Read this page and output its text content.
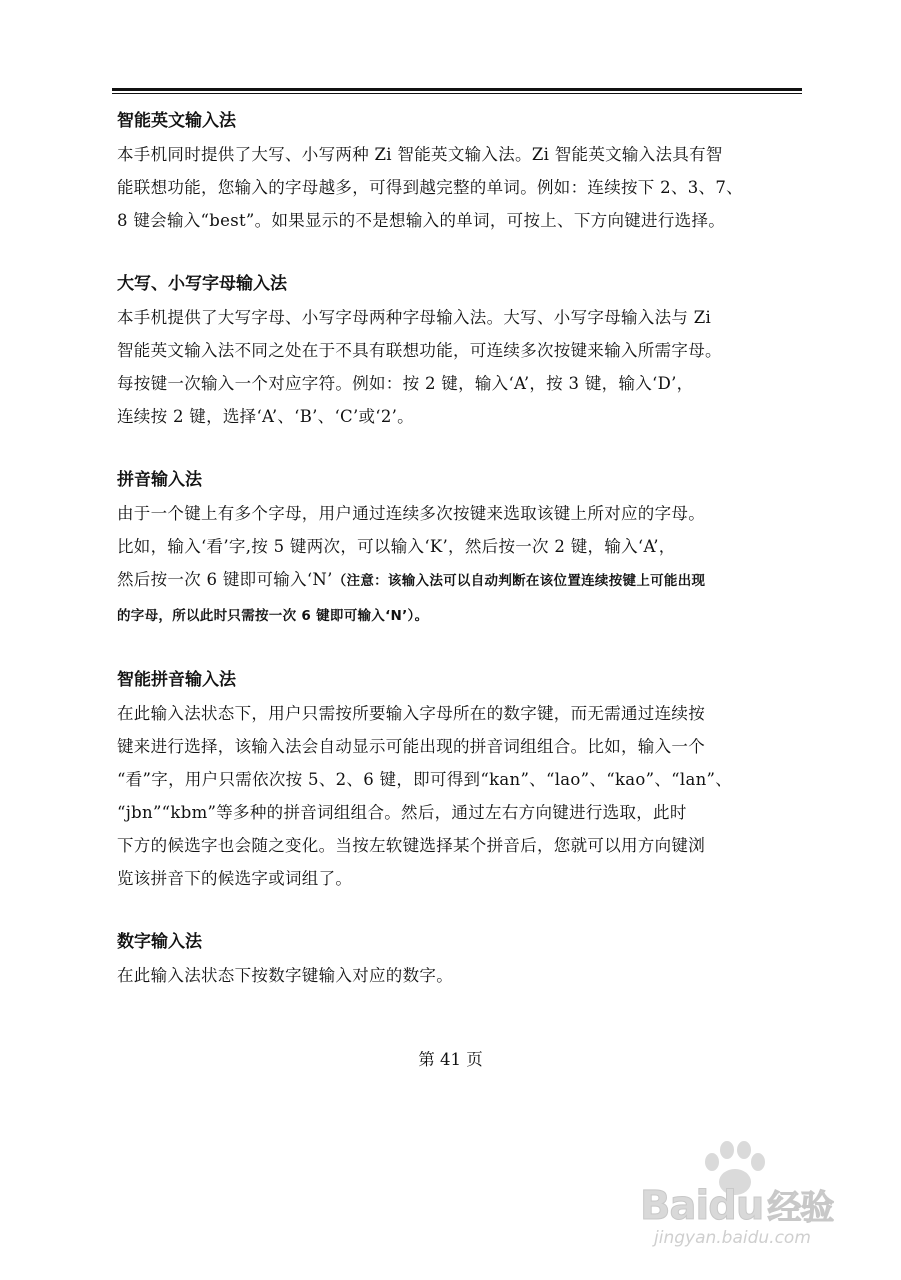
智能英文输入法

本手机同时提供了大写、小写两种 Zi 智能英文输入法。Zi 智能英文输入法具有智

能联想功能，您输入的字母越多，可得到越完整的单词。例如：连续按下 2、3、7、

8 键会输入“best”。如果显示的不是想输入的单词，可按上、下方向键进行选择。

大写、小写字母输入法

本手机提供了大写字母、小写字母两种字母输入法。大写、小写字母输入法与 Zi

智能英文输入法不同之处在于不具有联想功能，可连续多次按键来输入所需字母。

每按键一次输入一个对应字符。例如：按 2 键，输入‘A’，按 3 键，输入‘D’，

连续按 2 键，选择‘A’、‘B’、‘C’或‘2’。

拼音输入法

由于一个键上有多个字母，用户通过连续多次按键来选取该键上所对应的字母。

比如，输入‘看’字,按 5 键两次，可以输入‘K’，然后按一次 2 键，输入‘A’，

然后按一次 6 键即可输入‘N’（注意：该输入法可以自动判断在该位置连续按键上可能出现

的字母，所以此时只需按一次 6 键即可输入‘N’）。

智能拼音输入法

在此输入法状态下，用户只需按所要输入字母所在的数字键，而无需通过连续按

键来进行选择，该输入法会自动显示可能出现的拼音词组组合。比如，输入一个

“看”字，用户只需依次按 5、2、6 键，即可得到“kan”、“lao”、“kao”、“lan”、

“jbn”“kbm”等多种的拼音词组组合。然后，通过左右方向键进行选取，此时

下方的候选字也会随之变化。当按左软键选择某个拼音后，您就可以用方向键浏

览该拼音下的候选字或词组了。

数字输入法

在此输入法状态下按数字键输入对应的数字。

第 41 页
Baidu 经验
jingyan.baidu.com
